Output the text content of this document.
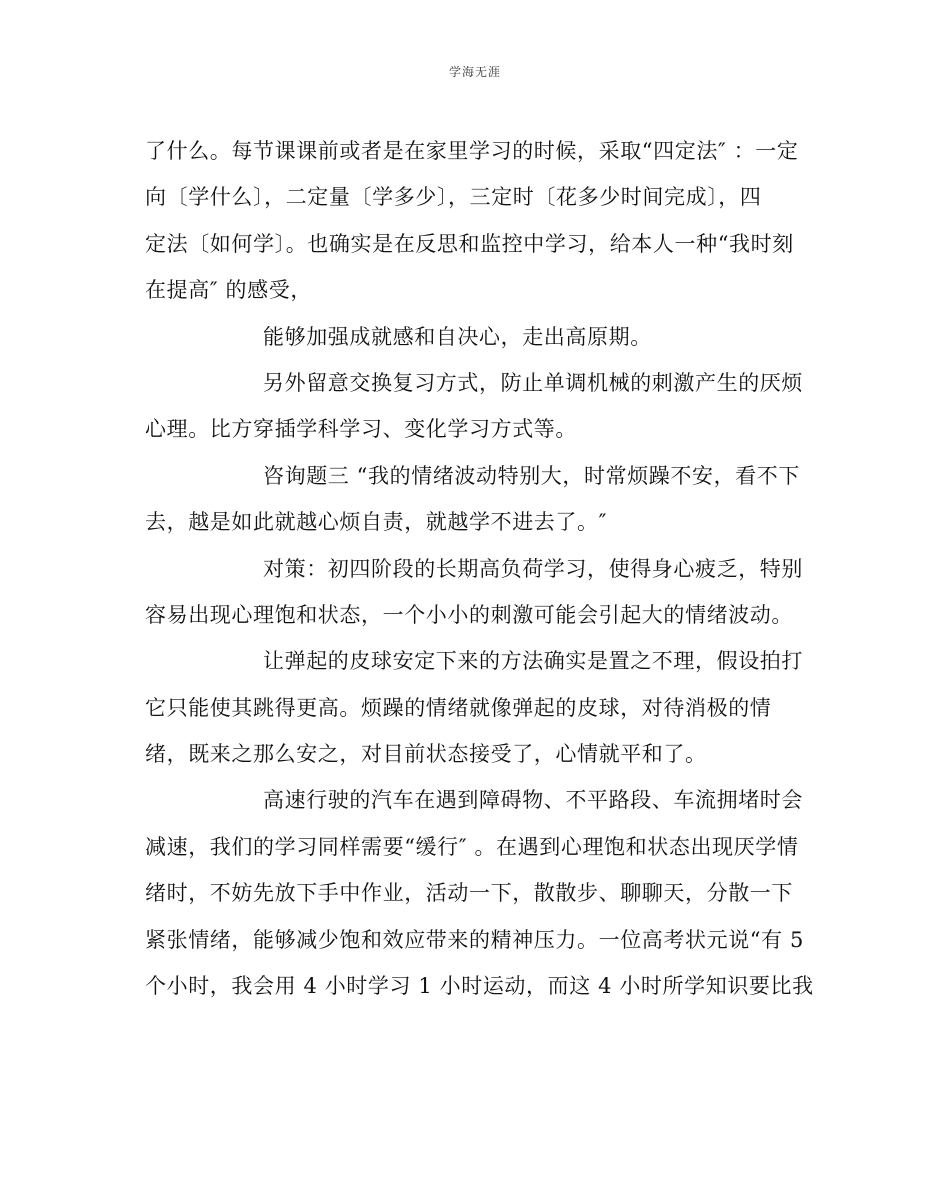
学海无涯
了什么。每节课课前或者是在家里学习的时候，采取“四定法″ ：一定
向〔学什么〕，二定量〔学多少〕，三定时〔花多少时间完成〕，四
定法〔如何学〕。也确实是在反思和监控中学习，给本人一种“我时刻
在提高″ 的感受，
能够加强成就感和自决心，走出高原期。
另外留意交换复习方式，防止单调机械的刺激产生的厌烦
心理。比方穿插学科学习、变化学习方式等。
咨询题三 “我的情绪波动特别大，时常烦躁不安，看不下
去，越是如此就越心烦自责，就越学不进去了。″
对策：初四阶段的长期高负荷学习，使得身心疲乏，特别
容易出现心理饱和状态，一个小小的刺激可能会引起大的情绪波动。
让弹起的皮球安定下来的方法确实是置之不理，假设拍打
它只能使其跳得更高。烦躁的情绪就像弹起的皮球，对待消极的情
绪，既来之那么安之，对目前状态接受了，心情就平和了。
高速行驶的汽车在遇到障碍物、不平路段、车流拥堵时会
减速，我们的学习同样需要“缓行″ 。在遇到心理饱和状态出现厌学情
绪时，不妨先放下手中作业，活动一下，散散步、聊聊天，分散一下
紧张情绪，能够减少饱和效应带来的精神压力。一位高考状元说“有 5
个小时，我会用 4 小时学习 1 小时运动，而这 4 小时所学知识要比我
